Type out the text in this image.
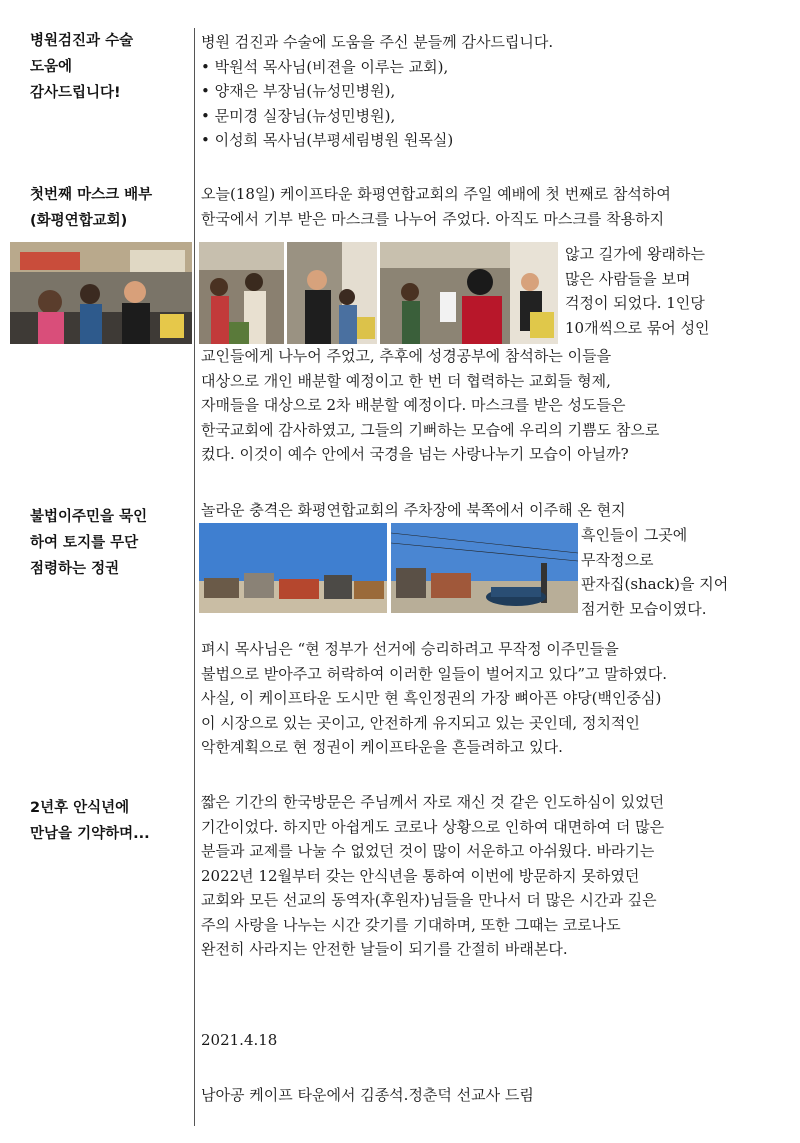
병원검진과 수술
도움에
감사드립니다!
병원 검진과 수술에 도움을 주신 분들께 감사드립니다.
• 박원석 목사님(비젼을 이루는 교회),
• 양재은 부장님(뉴성민병원),
• 문미경 실장님(뉴성민병원),
• 이성희 목사님(부평세림병원 원목실)
첫번째 마스크 배부
(화평연합교회)
오늘(18일) 케이프타운 화평연합교회의 주일 예배에 첫 번째로 참석하여
한국에서 기부 받은 마스크를 나누어 주었다. 아직도 마스크를 착용하지
않고 길가에 왕래하는
많은 사람들을 보며
걱정이 되었다. 1인당
10개씩으로 묶어 성인
교인들에게 나누어 주었고, 추후에 성경공부에 참석하는 이들을
대상으로 개인 배분할 예정이고 한 번 더 협력하는 교회들 형제,
자매들을 대상으로 2차 배분할 예정이다. 마스크를 받은 성도들은
한국교회에 감사하였고, 그들의 기뻐하는 모습에 우리의 기쁨도 참으로
컸다. 이것이 예수 안에서 국경을 넘는 사랑나누기 모습이 아닐까?
불법이주민을 묵인
하여 토지를 무단
점령하는 정권
놀라운 충격은 화평연합교회의 주차장에 북쪽에서 이주해 온 현지
흑인들이 그곳에
무작정으로
판자집(shack)을 지어
점거한 모습이였다.
펴시 목사님은 “현 정부가 선거에 승리하려고 무작정 이주민들을
불법으로 받아주고 허락하여 이러한 일들이 벌어지고 있다”고 말하였다.
사실, 이 케이프타운 도시만 현 흑인정권의 가장 뼈아픈 야당(백인중심)
이 시장으로 있는 곳이고, 안전하게 유지되고 있는 곳인데, 정치적인
악한계획으로 현 정권이 케이프타운을 흔들려하고 있다.
2년후 안식년에
만남을 기약하며...
짧은 기간의 한국방문은 주님께서 자로 재신 것 같은 인도하심이 있었던
기간이었다. 하지만 아쉽게도 코로나 상황으로 인하여 대면하여 더 많은
분들과 교제를 나눌 수 없었던 것이 많이 서운하고 아쉬웠다. 바라기는
2022년 12월부터 갖는 안식년을 통하여 이번에 방문하지 못하였던
교회와 모든 선교의 동역자(후원자)님들을 만나서 더 많은 시간과 깊은
주의 사랑을 나누는 시간 갖기를 기대하며, 또한 그때는 코로나도
완전히 사라지는 안전한 날들이 되기를 간절히 바래본다.
2021.4.18
남아공 케이프 타운에서 김종석.정춘덕 선교사 드림
